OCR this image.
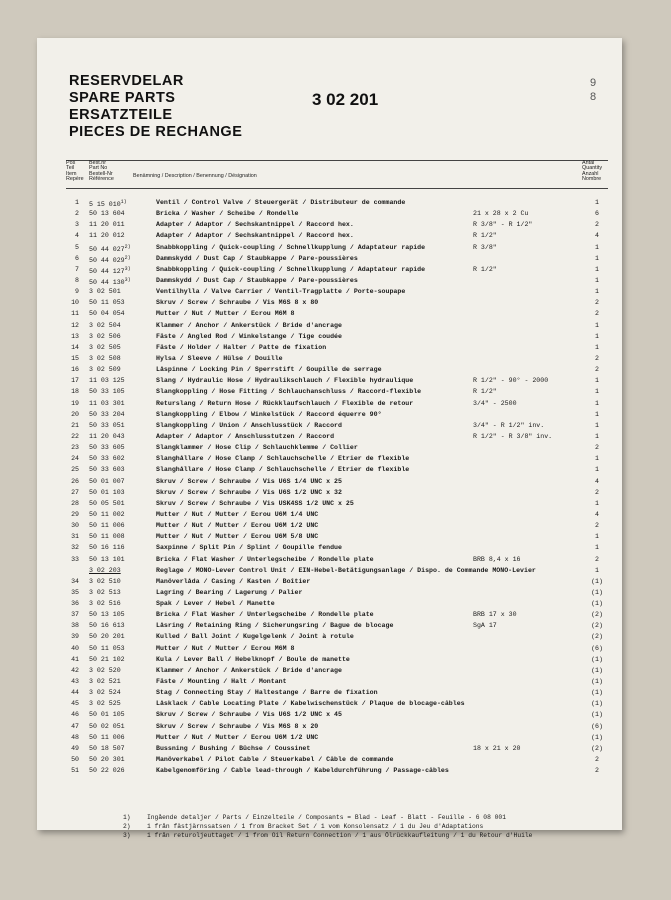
9
8
RESERVDELAR
SPARE PARTS
ERSATZTEILE
PIECES DE RECHANGE
3 02 201
Pos
Teil
Item
Repère
Best.nr
Part No
Bestell-Nr
Référence
Benämning / Description / Benennung / Désignation
Antal
Quantity
Anzahl
Nombre
1 5 15 010$^{1)}$	Ventil / Control Valve / Steuergerät / Distributeur de commande	1
2 50 13 604	Bricka / Washer / Scheibe / Rondelle	21 x 28 x 2 Cu	6
3 11 20 011	Adapter / Adaptor / Sechskantnippel / Raccord hex.	R 3/8" - R 1/2"	2
4 11 20 012	Adapter / Adaptor / Sechskantnippel / Raccord hex.	R 1/2"	4
5 50 44 027$^{2)}$	Snabbkoppling / Quick-coupling / Schnellkupplung / Adaptateur rapide	R 3/8"	1
6 50 44 029$^{2)}$	Dammskydd / Dust Cap / Staubkappe / Pare-poussières	1
7 50 44 127$^{3)}$	Snabbkoppling / Quick-coupling / Schnellkupplung / Adaptateur rapide	R 1/2"	1
8 50 44 130$^{3)}$	Dammskydd / Dust Cap / Staubkappe / Pare-poussières	1
9 3 02 501	Ventilhylla / Valve Carrier / Ventil-Tragplatte / Porte-soupape	1
10 50 11 053	Skruv / Screw / Schraube / Vis M6S 8 x 80	2
11 50 04 054	Mutter / Nut / Mutter / Ecrou M6M 8	2
12 3 02 504	Klammer / Anchor / Ankerstück / Bride d'ancrage	1
13 3 02 506	Fäste / Angled Rod / Winkelstange / Tige coudée	1
14 3 02 505	Fäste / Holder / Halter / Patte de fixation	1
15 3 02 508	Hylsa / Sleeve / Hülse / Douille	2
16 3 02 509	Låspinne / Locking Pin / Sperrstift / Goupille de serrage	2
17 11 03 125	Slang / Hydraulic Hose / Hydraulikschlauch / Flexible hydraulique	R 1/2" - 90° - 2000	1
18 50 33 105	Slangkoppling / Hose Fitting / Schlauchanschluss / Raccord-flexible	R 1/2"	1
19 11 03 301	Returslang / Return Hose / Rückklaufschlauch / Flexible de retour	3/4" - 2500	1
20 50 33 204	Slangkoppling / Elbow / Winkelstück / Raccord équerre 90°	1
21 50 33 051	Slangkoppling / Union / Anschlusstück / Raccord	3/4" - R 1/2" inv.	1
22 11 20 043	Adapter / Adaptor / Anschlusstutzen / Raccord	R 1/2" - R 3/8" inv.	1
23 50 33 605	Slangklammer / Hose Clip / Schlauchklemme / Collier	2
24 50 33 602	Slanghållare / Hose Clamp / Schlauchschelle / Etrier de flexible	1
25 50 33 603	Slanghållare / Hose Clamp / Schlauchschelle / Etrier de flexible	1
26 50 01 007	Skruv / Screw / Schraube / Vis U6S 1/4 UNC x 25	4
27 50 01 103	Skruv / Screw / Schraube / Vis U6S 1/2 UNC x 32	2
28 50 05 501	Skruv / Screw / Schraube / Vis USK4SS 1/2 UNC x 25	1
29 50 11 002	Mutter / Nut / Mutter / Ecrou U6M 1/4 UNC	4
30 50 11 006	Mutter / Nut / Mutter / Ecrou U6M 1/2 UNC	2
31 50 11 008	Mutter / Nut / Mutter / Ecrou U6M 5/8 UNC	1
32 50 16 116	Saxpinne / Split Pin / Splint / Goupille fendue	1
33 50 13 101	Bricka / Flat Washer / Unterlegscheibe / Rondelle plate	BRB 8,4 x 16	2
3 02 203	Reglage / MONO-Lever Control Unit / EIN-Hebel-Betätigungsanlage / Dispo. de Commande MONO-Levier	1
34 3 02 510	Manöverlåda / Casing / Kasten / Boîtier	(1)
35 3 02 513	Lagring / Bearing / Lagerung / Palier	(1)
36 3 02 516	Spak / Lever / Hebel / Manette	(1)
37 50 13 105	Bricka / Flat Washer / Unterlegscheibe / Rondelle plate	BRB 17 x 30	(2)
38 50 16 613	Låsring / Retaining Ring / Sicherungsring / Bague de blocage	SgA 17	(2)
39 50 20 201	Kulled / Ball Joint / Kugelgelenk / Joint à rotule	(2)
40 50 11 053	Mutter / Nut / Mutter / Ecrou M6M 8	(6)
41 50 21 102	Kula / Lever Ball / Hebelknopf / Boule de manette	(1)
42 3 02 520	Klammer / Anchor / Ankerstück / Bride d'ancrage	(1)
43 3 02 521	Fäste / Mounting / Halt / Montant	(1)
44 3 02 524	Stag / Connecting Stay / Haltestange / Barre de fixation	(1)
45 3 02 525	Låsklack / Cable Locating Plate / Kabelwischenstück / Plaque de blocage-câbles	(1)
46 50 01 105	Skruv / Screw / Schraube / Vis U6S 1/2 UNC x 45	(1)
47 50 02 051	Skruv / Screw / Schraube / Vis M6S 8 x 20	(6)
48 50 11 006	Mutter / Nut / Mutter / Ecrou U6M 1/2 UNC	(1)
49 50 18 507	Bussning / Bushing / Büchse / Coussinet	18 x 21 x 20	(2)
50 50 20 301	Manöverkabel / Pilot Cable / Steuerkabel / Câble de commande	2
51 50 22 026	Kabelgenomföring / Cable lead-through / Kabeldurchführung / Passage-câbles	2
1)	Ingående detaljer / Parts / Einzelteile / Composants = Blad - Leaf - Blatt - Feuille - 6 08 001
2)	1 från fästjärnssatsen / 1 from Bracket Set / 1 vom Konsolensatz / 1 du Jeu d'Adaptations
3)	1 från returoljeuttaget / 1 from Oil Return Connection / 1 aus Ölrückkaufleitung / 1 du Retour d'Huile
